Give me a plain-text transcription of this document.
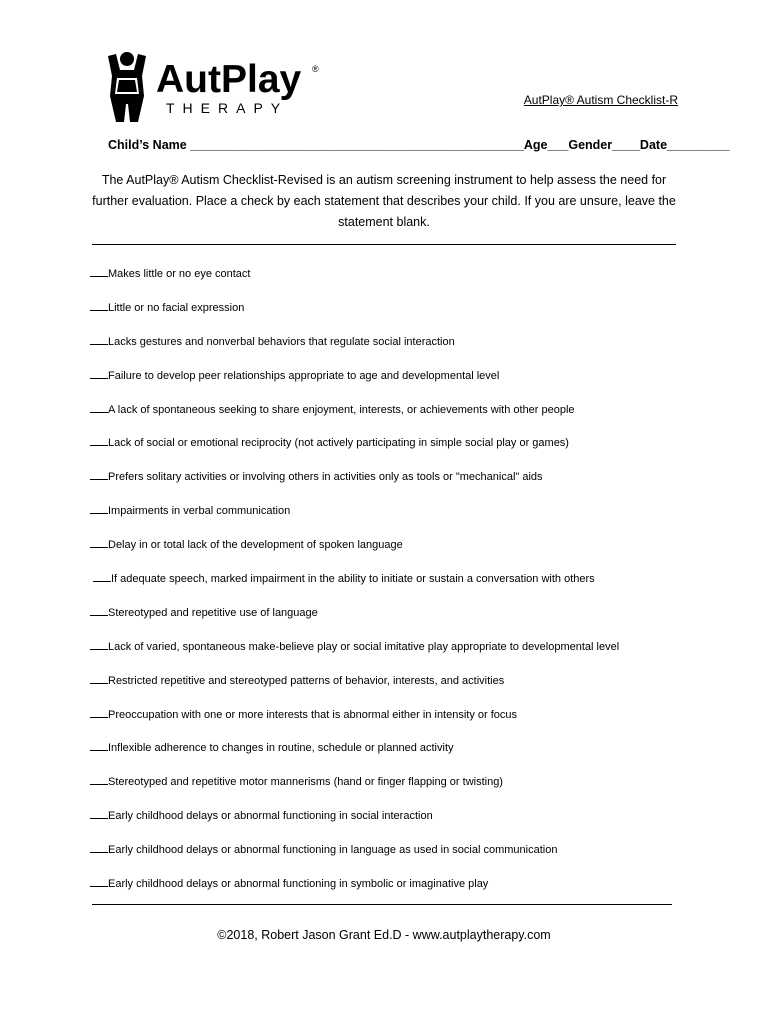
AutPlay ®
THERAPY	AutPlay® Autism Checklist-R
Child’s Name ________________________________________________Age___Gender____Date_________
The AutPlay® Autism Checklist-Revised is an autism screening instrument to help assess the need for further evaluation. Place a check by each statement that describes your child. If you are unsure, leave the statement blank.
Makes little or no eye contact
Little or no facial expression
Lacks gestures and nonverbal behaviors that regulate social interaction
Failure to develop peer relationships appropriate to age and developmental level
A lack of spontaneous seeking to share enjoyment, interests, or achievements with other people
Lack of social or emotional reciprocity (not actively participating in simple social play or games)
Prefers solitary activities or involving others in activities only as tools or "mechanical" aids
Impairments in verbal communication
Delay in or total lack of the development of spoken language
If adequate speech, marked impairment in the ability to initiate or sustain a conversation with others
Stereotyped and repetitive use of language
Lack of varied, spontaneous make-believe play or social imitative play appropriate to developmental level
Restricted repetitive and stereotyped patterns of behavior, interests, and activities
Preoccupation with one or more interests that is abnormal either in intensity or focus
Inflexible adherence to changes in routine, schedule or planned activity
Stereotyped and repetitive motor mannerisms (hand or finger flapping or twisting)
Early childhood delays or abnormal functioning in social interaction
Early childhood delays or abnormal functioning in language as used in social communication
Early childhood delays or abnormal functioning in symbolic or imaginative play
©2018, Robert Jason Grant Ed.D - www.autplaytherapy.com
